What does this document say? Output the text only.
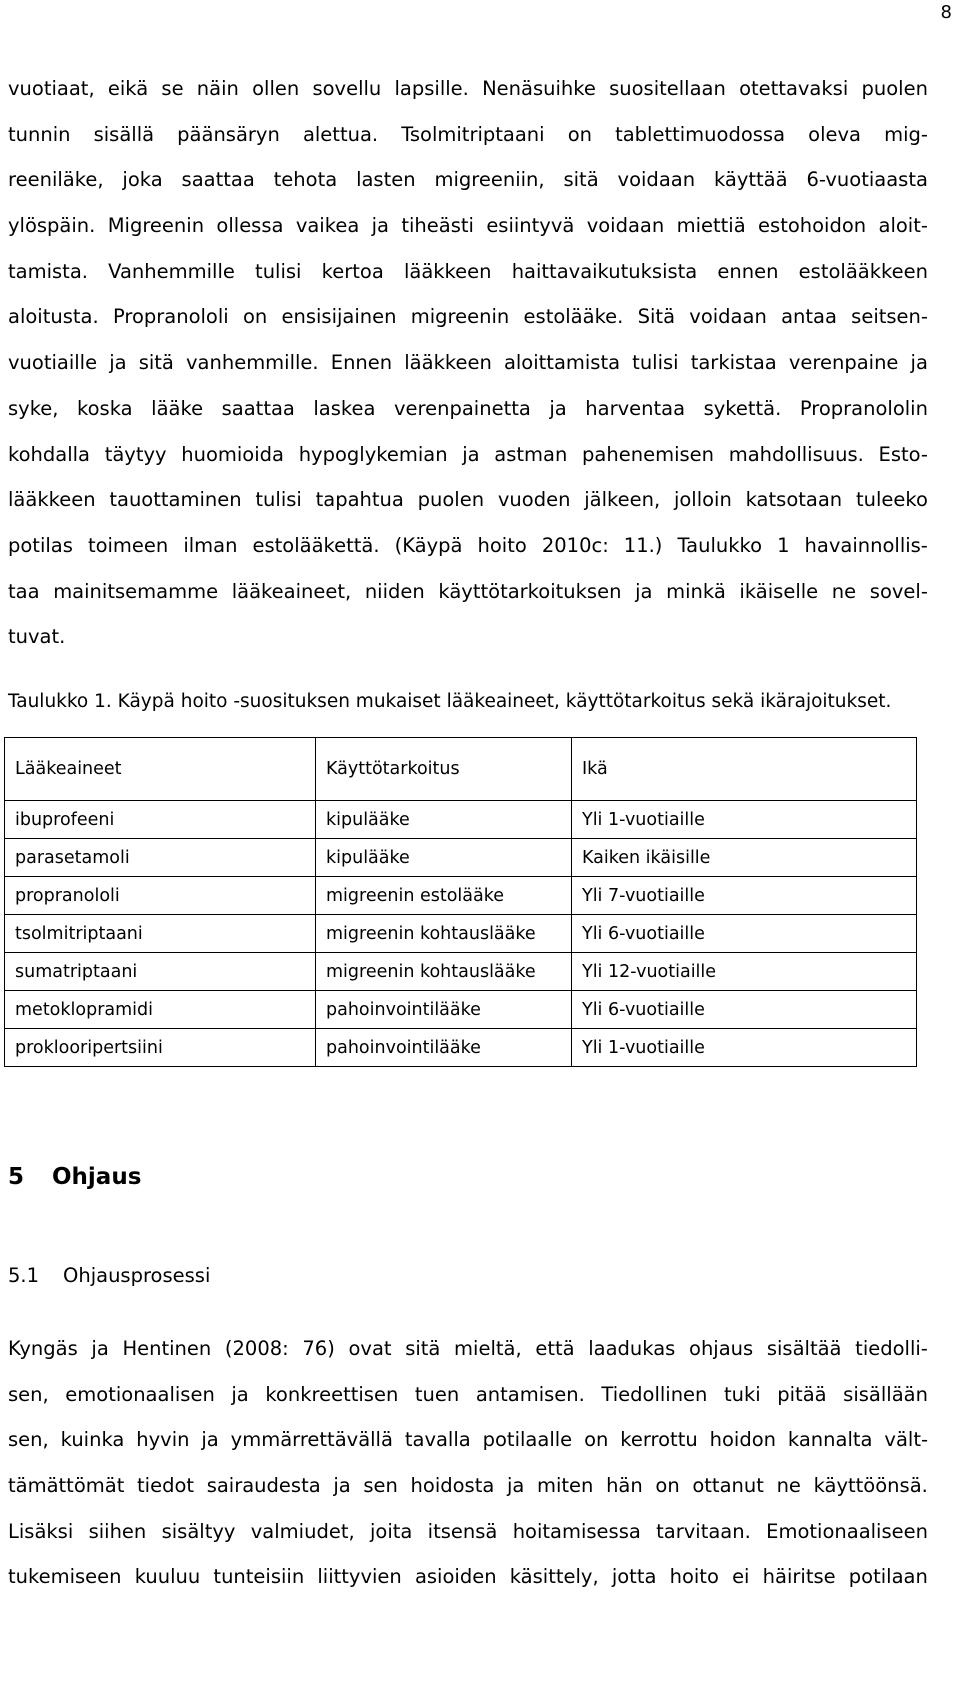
8
vuotiaat, eikä se näin ollen sovellu lapsille. Nenäsuihke suositellaan otettavaksi puolen
tunnin sisällä päänsäryn alettua. Tsolmitriptaani on tablettimuodossa oleva mig-
reeniläke, joka saattaa tehota lasten migreeniin, sitä voidaan käyttää 6-vuotiaasta
ylöspäin. Migreenin ollessa vaikea ja tiheästi esiintyvä voidaan miettiä estohoidon aloit-
tamista. Vanhemmille tulisi kertoa lääkkeen haittavaikutuksista ennen estolääkkeen
aloitusta. Propranololi on ensisijainen migreenin estolääke. Sitä voidaan antaa seitsen-
vuotiaille ja sitä vanhemmille. Ennen lääkkeen aloittamista tulisi tarkistaa verenpaine ja
syke, koska lääke saattaa laskea verenpainetta ja harventaa sykettä. Propranololin
kohdalla täytyy huomioida hypoglykemian ja astman pahenemisen mahdollisuus. Esto-
lääkkeen tauottaminen tulisi tapahtua puolen vuoden jälkeen, jolloin katsotaan tuleeko
potilas toimeen ilman estolääkettä. (Käypä hoito 2010c: 11.) Taulukko 1 havainnollis-
taa mainitsemamme lääkeaineet, niiden käyttötarkoituksen ja minkä ikäiselle ne sovel-
tuvat.
Taulukko 1. Käypä hoito -suosituksen mukaiset lääkeaineet, käyttötarkoitus sekä ikärajoitukset.
Lääkeaineet	Käyttötarkoitus	Ikä
ibuprofeeni	kipulääke	Yli 1-vuotiaille
parasetamoli	kipulääke	Kaiken ikäisille
propranololi	migreenin estolääke	Yli 7-vuotiaille
tsolmitriptaani	migreenin kohtauslääke	Yli 6-vuotiaille
sumatriptaani	migreenin kohtauslääke	Yli 12-vuotiaille
metoklopramidi	pahoinvointilääke	Yli 6-vuotiaille
proklooripertsiini	pahoinvointilääke	Yli 1-vuotiaille
5 Ohjaus
5.1 Ohjausprosessi
Kyngäs ja Hentinen (2008: 76) ovat sitä mieltä, että laadukas ohjaus sisältää tiedolli-
sen, emotionaalisen ja konkreettisen tuen antamisen. Tiedollinen tuki pitää sisällään
sen, kuinka hyvin ja ymmärrettävällä tavalla potilaalle on kerrottu hoidon kannalta vält-
tämättömät tiedot sairaudesta ja sen hoidosta ja miten hän on ottanut ne käyttöönsä.
Lisäksi siihen sisältyy valmiudet, joita itsensä hoitamisessa tarvitaan. Emotionaaliseen
tukemiseen kuuluu tunteisiin liittyvien asioiden käsittely, jotta hoito ei häiritse potilaan
